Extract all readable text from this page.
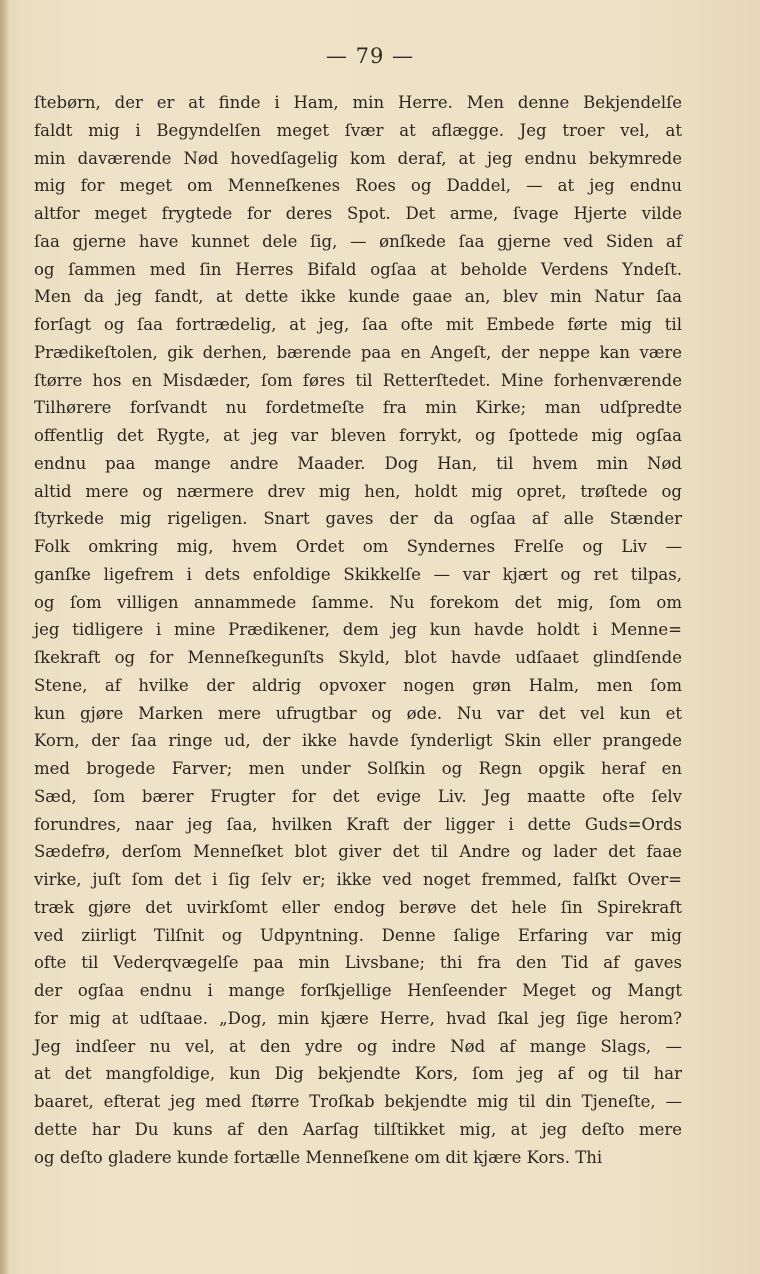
— 79 —
ſtebørn, der er at finde i Ham, min Herre. Men denne Bekjendelſe
faldt mig i Begyndelſen meget ſvær at aflægge. Jeg troer vel, at
min daværende Nød hovedſagelig kom deraf, at jeg endnu bekymrede
mig for meget om Menneſkenes Roes og Daddel, — at jeg endnu
altfor meget frygtede for deres Spot. Det arme, ſvage Hjerte vilde
ſaa gjerne have kunnet dele ſig, — ønſkede ſaa gjerne ved Siden af
og ſammen med ſin Herres Bifald ogſaa at beholde Verdens Yndeſt.
Men da jeg fandt, at dette ikke kunde gaae an, blev min Natur ſaa
forſagt og ſaa fortrædelig, at jeg, ſaa ofte mit Embede førte mig til
Prædikeſtolen, gik derhen, bærende paa en Angeſt, der neppe kan være
ſtørre hos en Misdæder, ſom føres til Retterſtedet. Mine forhenværende
Tilhørere forſvandt nu fordetmeſte fra min Kirke; man udſpredte
offentlig det Rygte, at jeg var bleven forrykt, og ſpottede mig ogſaa
endnu paa mange andre Maader. Dog Han, til hvem min Nød
altid mere og nærmere drev mig hen, holdt mig opret, trøſtede og
ſtyrkede mig rigeligen. Snart gaves der da ogſaa af alle Stænder
Folk omkring mig, hvem Ordet om Syndernes Frelſe og Liv —
ganſke ligefrem i dets enfoldige Skikkelſe — var kjært og ret tilpas,
og ſom villigen annammede ſamme. Nu forekom det mig, ſom om
jeg tidligere i mine Prædikener, dem jeg kun havde holdt i Menne=
ſkekraft og for Menneſkegunſts Skyld, blot havde udſaaet glindſende
Stene, af hvilke der aldrig opvoxer nogen grøn Halm, men ſom
kun gjøre Marken mere ufrugtbar og øde. Nu var det vel kun et
Korn, der ſaa ringe ud, der ikke havde ſynderligt Skin eller prangede
med brogede Farver; men under Solſkin og Regn opgik heraf en
Sæd, ſom bærer Frugter for det evige Liv. Jeg maatte ofte ſelv
forundres, naar jeg ſaa, hvilken Kraft der ligger i dette Guds=Ords
Sædefrø, derſom Menneſket blot giver det til Andre og lader det faae
virke, juſt ſom det i ſig ſelv er; ikke ved noget fremmed, falſkt Over=
træk gjøre det uvirkſomt eller endog berøve det hele ſin Spirekraft
ved ziirligt Tilſnit og Udpyntning. Denne ſalige Erfaring var mig
ofte til Vederqvægelſe paa min Livsbane; thi fra den Tid af gaves
der ogſaa endnu i mange forſkjellige Henſeender Meget og Mangt
for mig at udſtaae. „Dog, min kjære Herre, hvad ſkal jeg ſige herom?
Jeg indſeer nu vel, at den ydre og indre Nød af mange Slags, —
at det mangfoldige, kun Dig bekjendte Kors, ſom jeg af og til har
baaret, efterat jeg med ſtørre Troſkab bekjendte mig til din Tjeneſte, —
dette har Du kuns af den Aarſag tilſtikket mig, at jeg deſto mere
og deſto gladere kunde fortælle Menneſkene om dit kjære Kors. Thi
